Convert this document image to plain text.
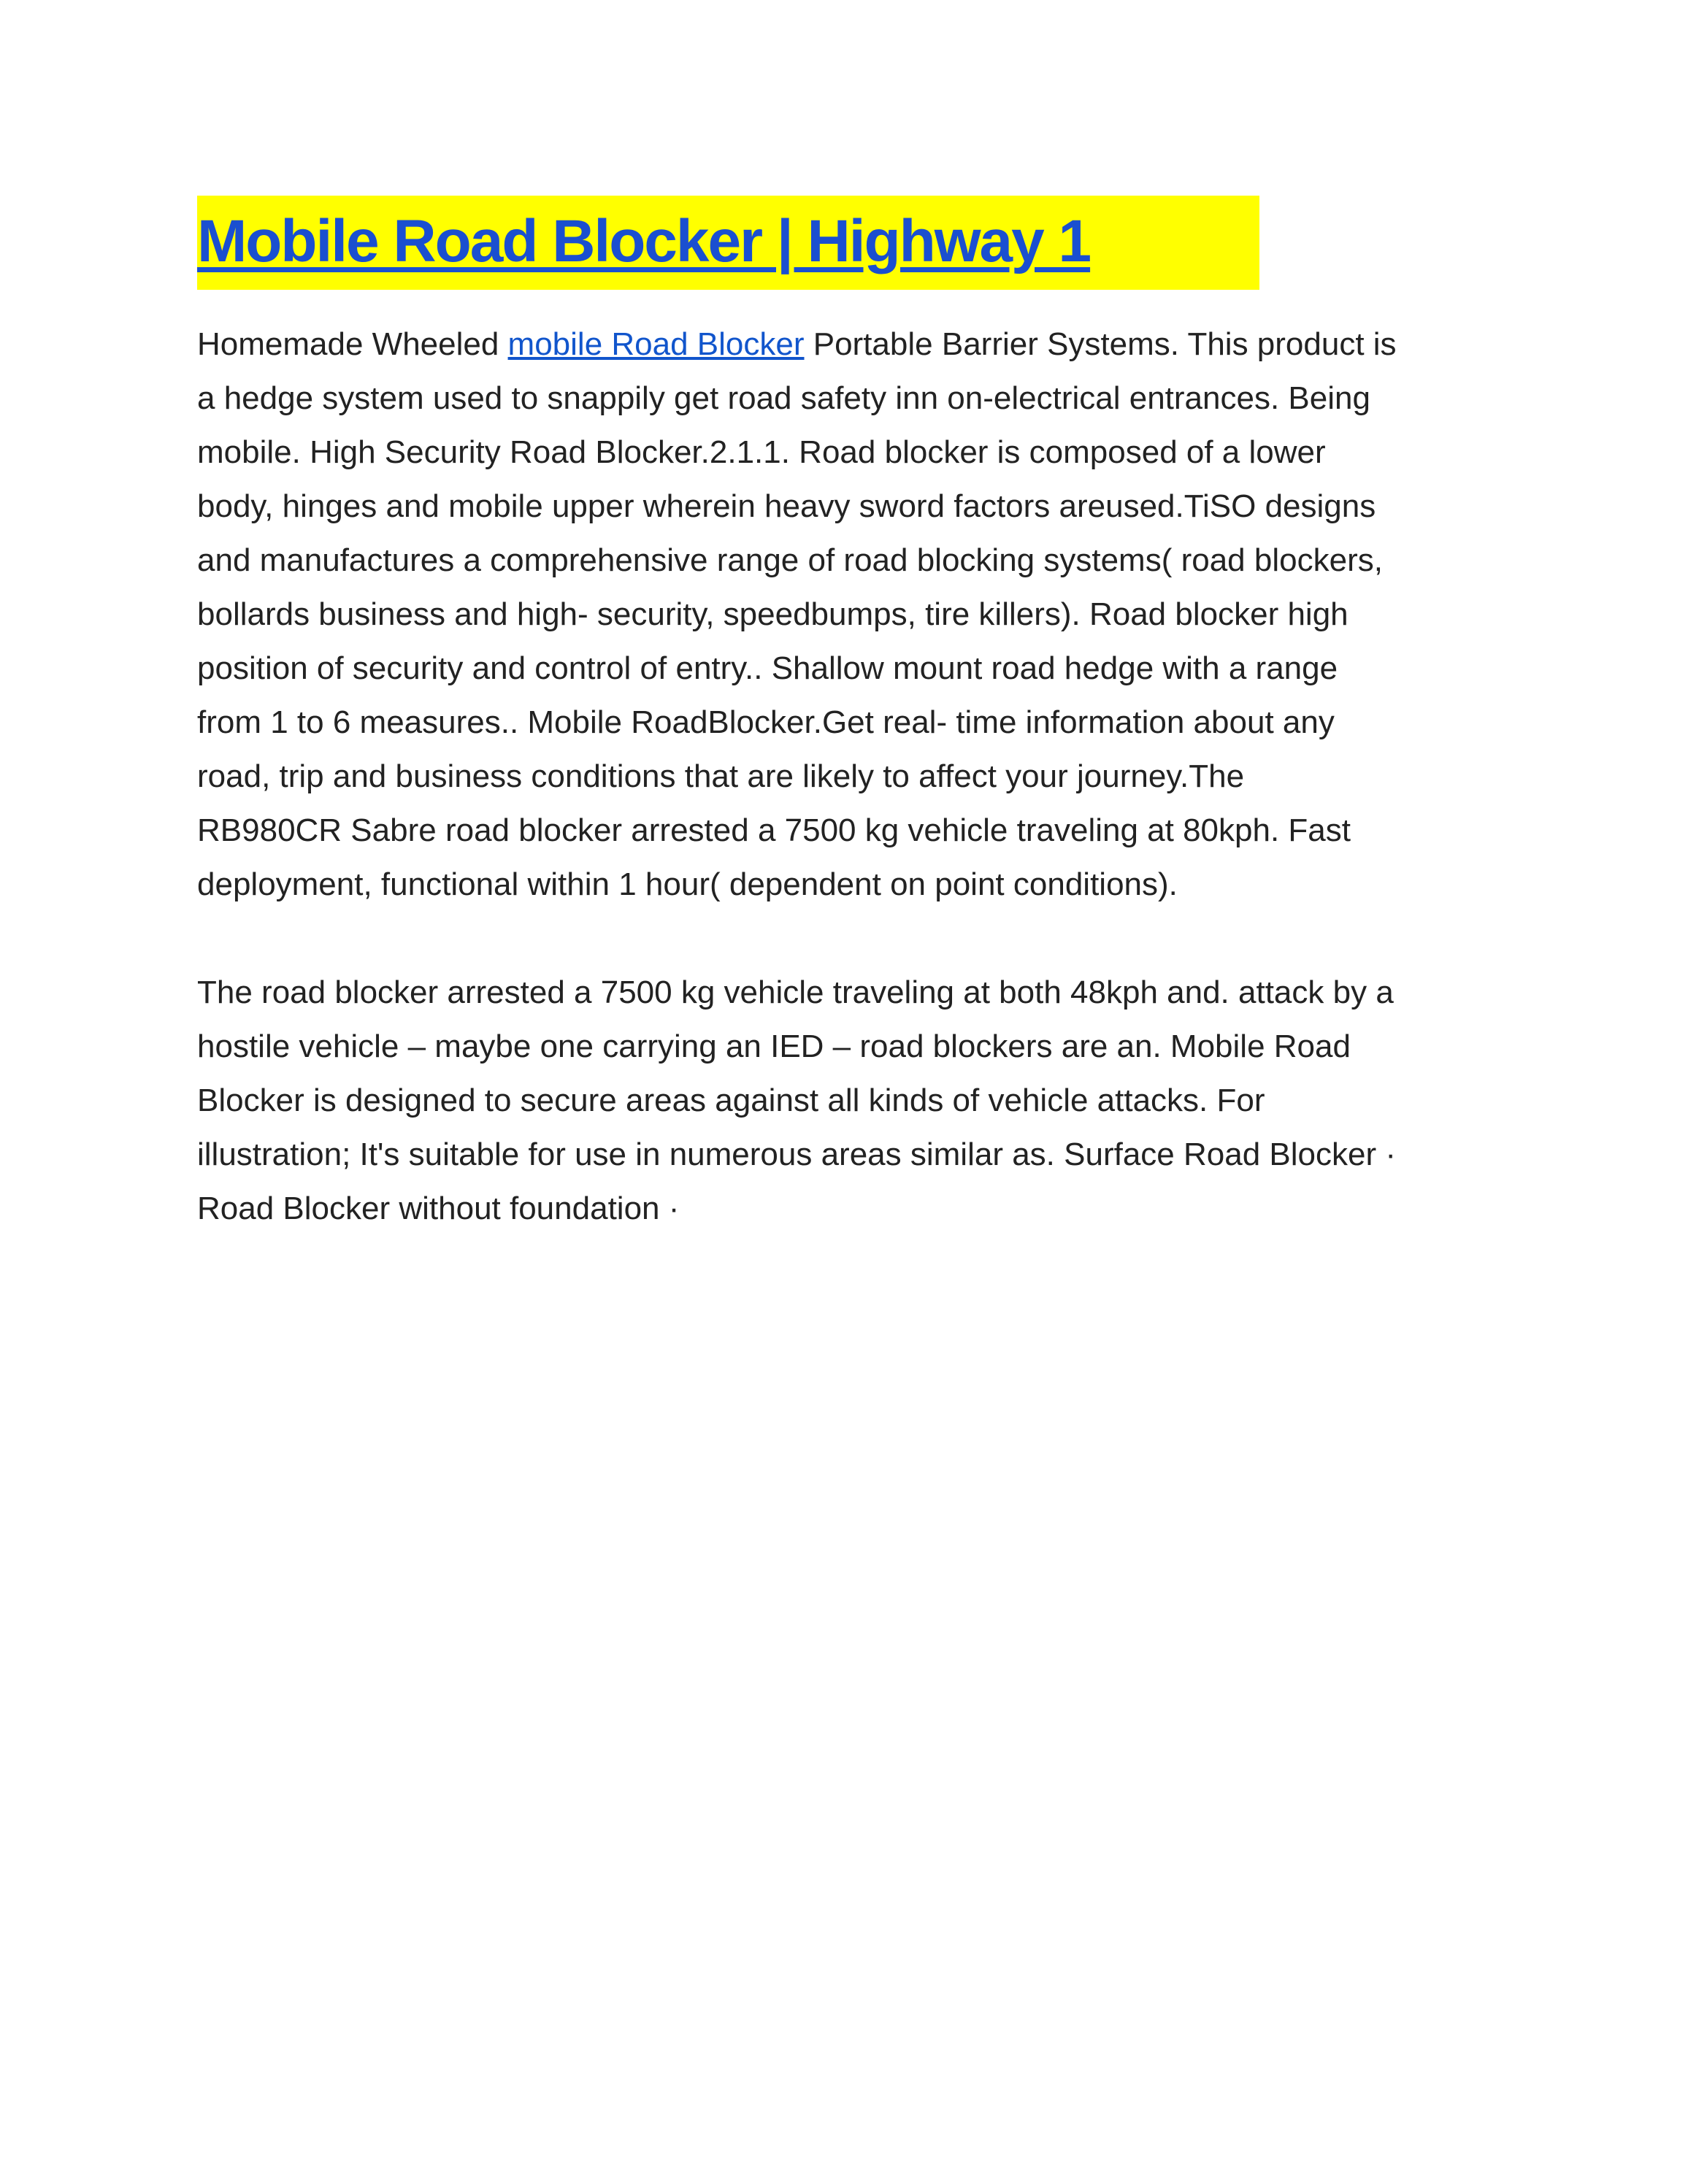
Mobile Road Blocker | Highway 1
Homemade Wheeled mobile Road Blocker Portable Barrier Systems. This product is
a hedge system used to snappily get road safety inn on-electrical entrances. Being
mobile. High Security Road Blocker.2.1.1. Road blocker is composed of a lower
body, hinges and mobile upper wherein heavy sword factors areused.TiSO designs
and manufactures a comprehensive range of road blocking systems( road blockers,
bollards business and high- security, speedbumps, tire killers). Road blocker high
position of security and control of entry.. Shallow mount road hedge with a range
from 1 to 6 measures.. Mobile RoadBlocker.Get real- time information about any
road, trip and business conditions that are likely to affect your journey.The
RB980CR Sabre road blocker arrested a 7500 kg vehicle traveling at 80kph. Fast
deployment, functional within 1 hour( dependent on point conditions).
The road blocker arrested a 7500 kg vehicle traveling at both 48kph and. attack by a
hostile vehicle – maybe one carrying an IED – road blockers are an. Mobile Road
Blocker is designed to secure areas against all kinds of vehicle attacks. For
illustration; It's suitable for use in numerous areas similar as. Surface Road Blocker ·
Road Blocker without foundation ·
